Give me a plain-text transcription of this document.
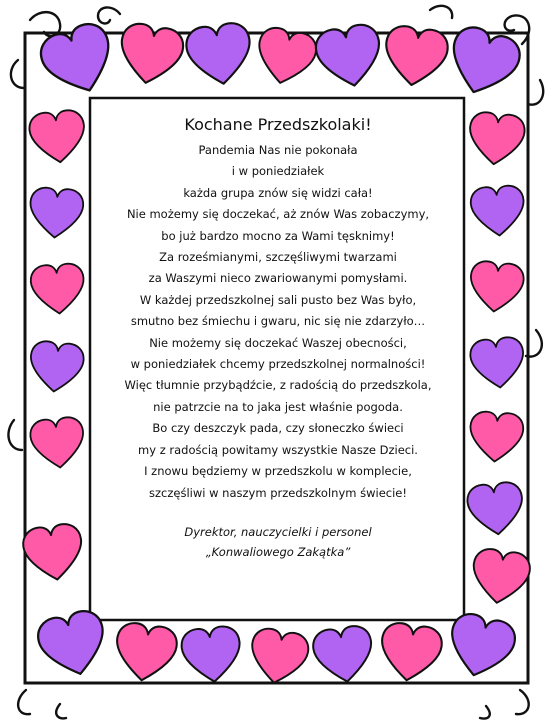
Kochane Przedszkolaki!
Pandemia Nas nie pokonała
i w poniedziałek
każda grupa znów się widzi cała!
Nie możemy się doczekać, aż znów Was zobaczymy,
bo już bardzo mocno za Wami tęsknimy!
Za roześmianymi, szczęśliwymi twarzami
za Waszymi nieco zwariowanymi pomysłami.
W każdej przedszkolnej sali pusto bez Was było,
smutno bez śmiechu i gwaru, nic się nie zdarzyło…
Nie możemy się doczekać Waszej obecności,
w poniedziałek chcemy przedszkolnej normalności!
Więc tłumnie przybądźcie, z radością do przedszkola,
nie patrzcie na to jaka jest właśnie pogoda.
Bo czy deszczyk pada, czy słoneczko świeci
my z radością powitamy wszystkie Nasze Dzieci.
I znowu będziemy w przedszkolu w komplecie,
szczęśliwi w naszym przedszkolnym świecie!
Dyrektor, nauczycielki i personel
„Konwaliowego Zakątka”
